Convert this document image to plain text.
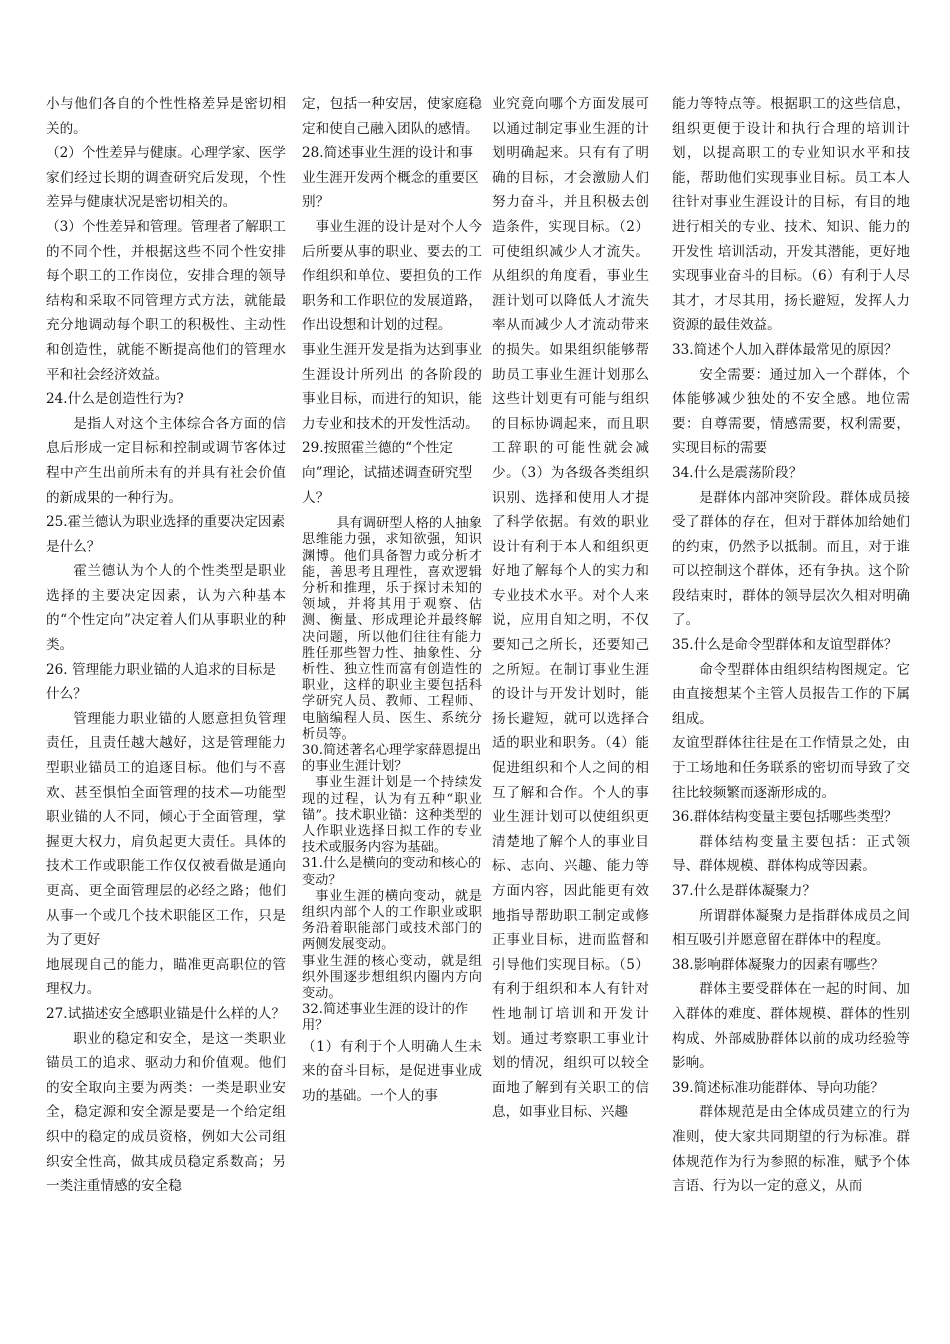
小与他们各自的个性性格差异是密切相关的。

（2）个性差异与健康。心理学家、医学家们经过长期的调查研究后发现，个性差异与健康状况是密切相关的。

（3）个性差异和管理。管理者了解职工的不同个性，并根据这些不同个性安排每个职工的工作岗位，安排合理的领导结构和采取不同管理方式方法，就能最充分地调动每个职工的积极性、主动性和创造性，就能不断提高他们的管理水平和社会经济效益。

24.什么是创造性行为?

是指人对这个主体综合各方面的信息后形成一定目标和控制或调节客体过程中产生出前所未有的并具有社会价值的新成果的一种行为。

25.霍兰德认为职业选择的重要决定因素是什么？

霍兰德认为个人的个性类型是职业选择的主要决定因素，认为六种基本的“个性定向”决定着人们从事职业的种类。

26. 管理能力职业锚的人追求的目标是什么？

管理能力职业锚的人愿意担负管理责任，且责任越大越好，这是管理能力型职业锚员工的追逐目标。他们与不喜欢、甚至惧怕全面管理的技术—功能型职业锚的人不同，倾心于全面管理，掌握更大权力，肩负起更大责任。具体的技术工作或职能工作仅仅被看做是通向更高、更全面管理层的必经之路；他们从事一个或几个技术职能区工作，只是为了更好

地展现自己的能力，瞄准更高职位的管理权力。

27.试描述安全感职业锚是什么样的人？

职业的稳定和安全，是这一类职业锚员工的追求、驱动力和价值观。他们的安全取向主要为两类：一类是职业安全，稳定源和安全源是要是一个给定组织中的稳定的成员资格，例如大公司组织安全性高，做其成员稳定系数高；另一类注重情感的安全稳

定，包括一种安居，使家庭稳定和使自己融入团队的感情。

28.简述事业生涯的设计和事业生涯开发两个概念的重要区别？

事业生涯的设计是对个人今后所要从事的职业、要去的工作组织和单位、要担负的工作职务和工作职位的发展道路，作出设想和计划的过程。

事业生涯开发是指为达到事业生涯设计所列出 的各阶段的事业目标，而进行的知识，能力专业和技术的开发性活动。

29.按照霍兰德的“个性定向”理论，试描述调查研究型人？

具有调研型人格的人抽象思维能力强，求知欲强，知识渊博。他们具备智力或分析才能，善思考且理性，喜欢逻辑分析和推理，乐于探讨未知的领域，并将其用于观察、估测、衡量、形成理论并最终解决问题，所以他们往往有能力胜任那些智力性、抽象性、分析性、独立性而富有创造性的职业，这样的职业主要包括科学研究人员、教师、工程师、电脑编程人员、医生、系统分析员等。

30.简述著名心理学家薛恩提出的事业生涯计划？

事业生涯计划是一个持续发现的过程，认为有五种“职业锚”。技术职业锚：这种类型的人作职业选择日拟工作的专业技术或服务内容为基础。

31.什么是横向的变动和核心的变动？

事业生涯的横向变动，就是组织内部个人的工作职业或职务沿着职能部门或技术部门的两侧发展变动。

事业生涯的核心变动，就是组织外围逐步想组织内圈内方向变动。

32.简述事业生涯的设计的作用？

（1）有利于个人明确人生未来的奋斗目标，是促进事业成功的基础。一个人的事

业究竟向哪个方面发展可以通过制定事业生涯的计划明确起来。只有有了明确的目标，才会激励人们努力奋斗，并且积极去创造条件，实现目标。（2）可使组织减少人才流失。从组织的角度看，事业生涯计划可以降低人才流失率从而减少人才流动带来的损失。如果组织能够帮助员工事业生涯计划那么这些计划更有可能与组织的目标协调起来，而且职工辞职的可能性就会减少。（3）为各级各类组织识别、选择和使用人才提了科学依据。有效的职业设计有利于本人和组织更好地了解每个人的实力和专业技术水平。对个人来说，应用自知之明，不仅要知己之所长，还要知己之所短。在制订事业生涯的设计与开发计划时，能扬长避短，就可以选择合适的职业和职务。（4）能促进组织和个人之间的相互了解和合作。个人的事业生涯计划可以使组织更清楚地了解个人的事业目标、志向、兴趣、能力等方面内容，因此能更有效地指导帮助职工制定或修正事业目标，进而监督和引导他们实现目标。（5）有利于组织和本人有针对性地制订培训和开发计划。通过考察职工事业计划的情况，组织可以较全面地了解到有关职工的信息，如事业目标、兴趣

能力等特点等。根据职工的这些信息，组织更便于设计和执行合理的培训计划，以提高职工的专业知识水平和技能，帮助他们实现事业目标。员工本人往针对事业生涯设计的目标，有目的地进行相关的专业、技术、知识、能力的开发性 培训活动，开发其潜能，更好地实现事业奋斗的目标。（6）有利于人尽其才，才尽其用，扬长避短，发挥人力资源的最佳效益。

33.简述个人加入群体最常见的原因？

安全需要：通过加入一个群体，个体能够减少独处的不安全感。地位需要：自尊需要，情感需要，权利需要，实现目标的需要

34.什么是震荡阶段？

是群体内部冲突阶段。群体成员接受了群体的存在，但对于群体加给她们的约束，仍然予以抵制。而且，对于谁可以控制这个群体，还有争执。这个阶段结束时，群体的领导层次久相对明确了。

35.什么是命令型群体和友谊型群体？

命令型群体由组织结构图规定。它由直接想某个主管人员报告工作的下属组成。

友谊型群体往往是在工作情景之处，由于工场地和任务联系的密切而导致了交往比较频繁而逐渐形成的。

36.群体结构变量主要包括哪些类型？

群体结构变量主要包括：正式领导、群体规模、群体构成等因素。

37.什么是群体凝聚力？

所谓群体凝聚力是指群体成员之间相互吸引并愿意留在群体中的程度。

38.影响群体凝聚力的因素有哪些？

群体主要受群体在一起的时间、加入群体的难度、群体规模、群体的性别构成、外部威胁群体以前的成功经验等影响。

39.简述标准功能群体、导向功能？

群体规范是由全体成员建立的行为准则，使大家共同期望的行为标准。群体规范作为行为参照的标准，赋予个体言语、行为以一定的意义，从而
